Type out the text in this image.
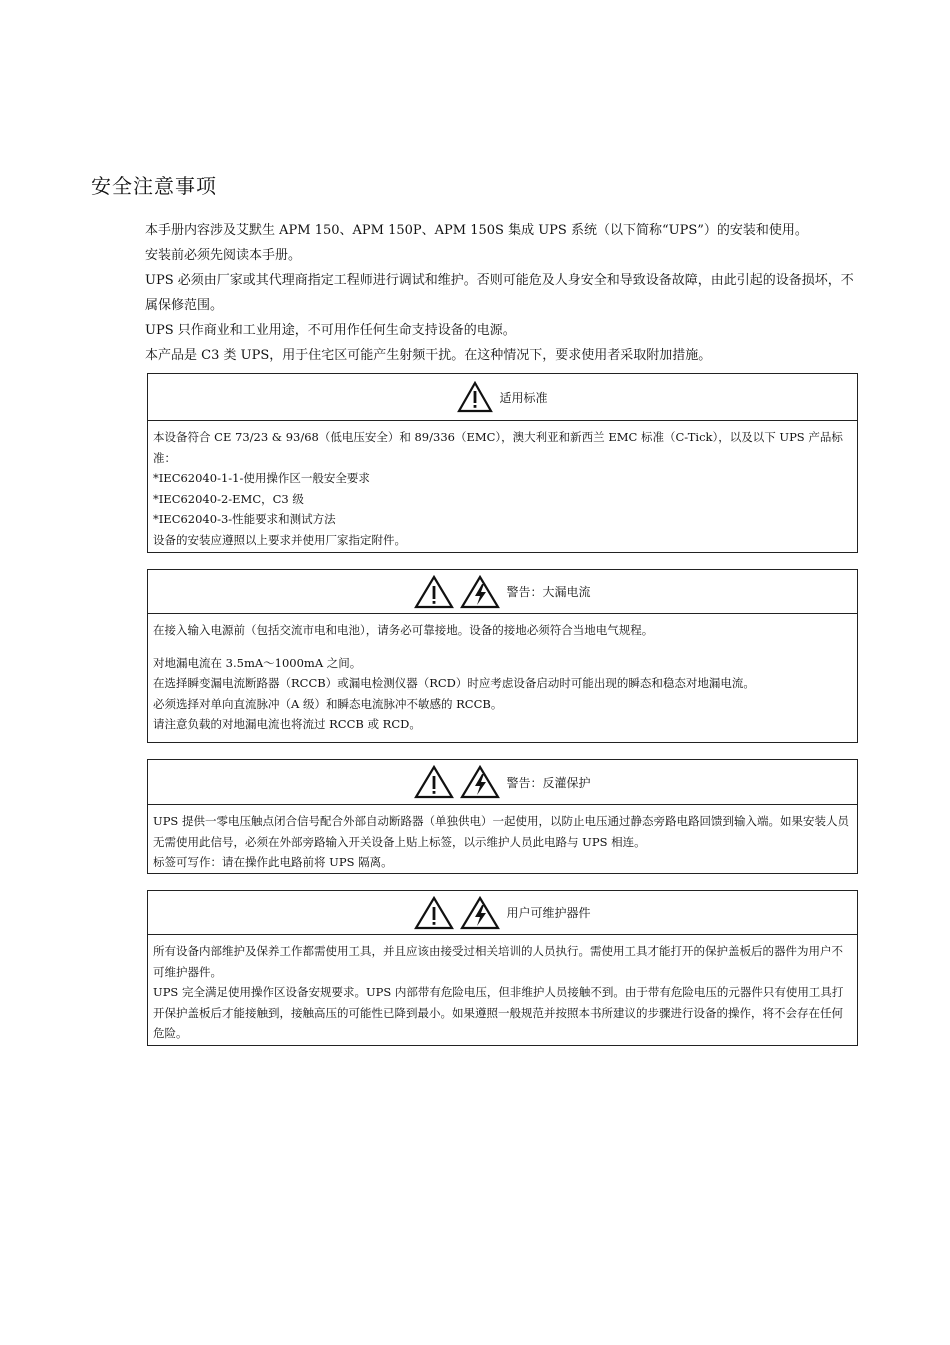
安全注意事项

本手册内容涉及艾默生 APM 150、APM 150P、APM 150S 集成 UPS 系统（以下简称“UPS”）的安装和使用。

安装前必须先阅读本手册。

UPS 必须由厂家或其代理商指定工程师进行调试和维护。否则可能危及人身安全和导致设备故障，由此引起的设备损坏，不属保修范围。

UPS 只作商业和工业用途，不可用作任何生命支持设备的电源。

本产品是 C3 类 UPS，用于住宅区可能产生射频干扰。在这种情况下，要求使用者采取附加措施。

适用标准

本设备符合 CE 73/23 & 93/68（低电压安全）和 89/336（EMC），澳大利亚和新西兰 EMC 标准（C-Tick），以及以下 UPS 产品标准：

*IEC62040-1-1-使用操作区一般安全要求

*IEC62040-2-EMC，C3 级

*IEC62040-3-性能要求和测试方法

设备的安装应遵照以上要求并使用厂家指定附件。

警告：大漏电流

在接入输入电源前（包括交流市电和电池），请务必可靠接地。设备的接地必须符合当地电气规程。

对地漏电流在 3.5mA～1000mA 之间。

在选择瞬变漏电流断路器（RCCB）或漏电检测仪器（RCD）时应考虑设备启动时可能出现的瞬态和稳态对地漏电流。

必须选择对单向直流脉冲（A 级）和瞬态电流脉冲不敏感的 RCCB。

请注意负载的对地漏电流也将流过 RCCB 或 RCD。

警告：反灌保护

UPS 提供一零电压触点闭合信号配合外部自动断路器（单独供电）一起使用，以防止电压通过静态旁路电路回馈到输入端。如果安装人员无需使用此信号，必须在外部旁路输入开关设备上贴上标签，以示维护人员此电路与 UPS 相连。

标签可写作：请在操作此电路前将 UPS 隔离。

用户可维护器件

所有设备内部维护及保养工作都需使用工具，并且应该由接受过相关培训的人员执行。需使用工具才能打开的保护盖板后的器件为用户不可维护器件。

UPS 完全满足使用操作区设备安规要求。UPS 内部带有危险电压，但非维护人员接触不到。由于带有危险电压的元器件只有使用工具打开保护盖板后才能接触到，接触高压的可能性已降到最小。如果遵照一般规范并按照本书所建议的步骤进行设备的操作，将不会存在任何危险。
